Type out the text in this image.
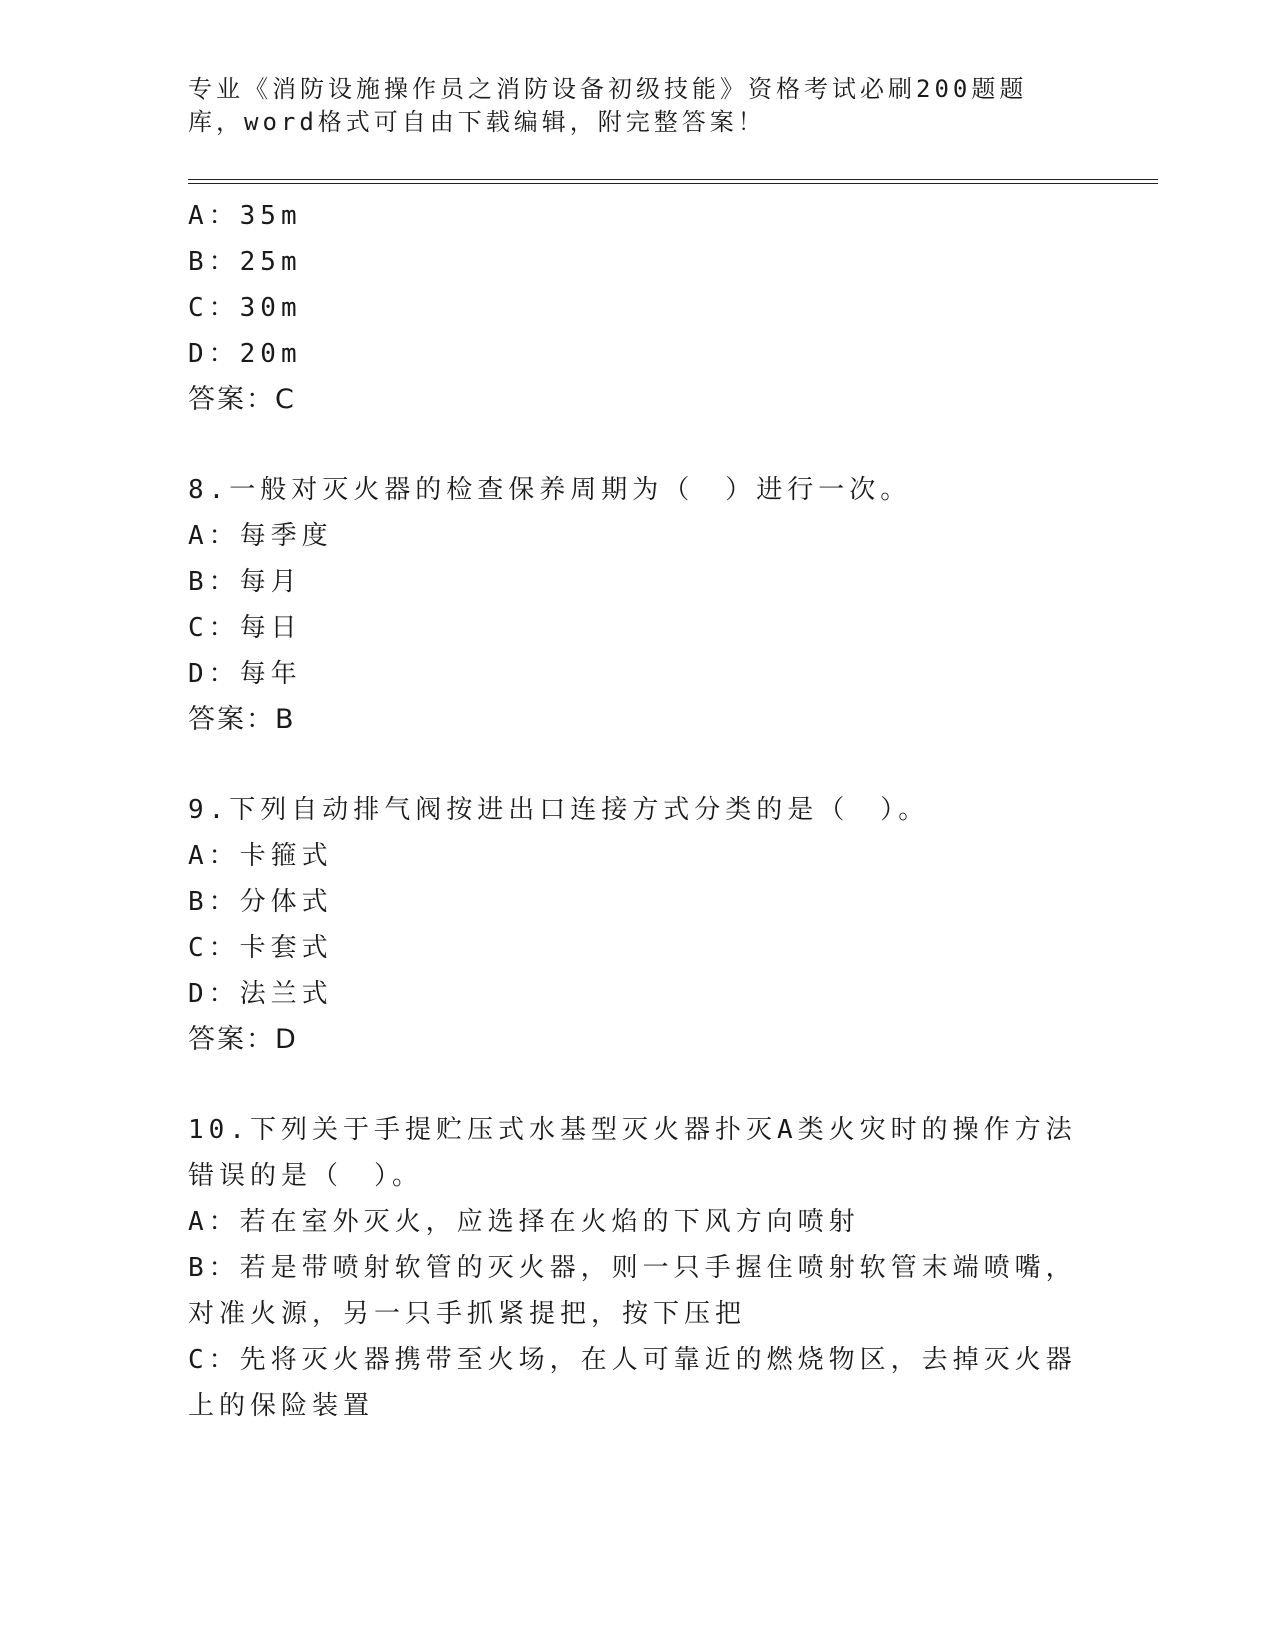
专业《消防设施操作员之消防设备初级技能》资格考试必刷200题题库，word格式可自由下载编辑，附完整答案！
A：35m
B：25m
C：30m
D：20m
答案：C
8.一般对灭火器的检查保养周期为（　）进行一次。
A：每季度
B：每月
C：每日
D：每年
答案：B
9.下列自动排气阀按进出口连接方式分类的是（　）。
A：卡箍式
B：分体式
C：卡套式
D：法兰式
答案：D
10.下列关于手提贮压式水基型灭火器扑灭A类火灾时的操作方法错误的是（　）。
A：若在室外灭火，应选择在火焰的下风方向喷射
B：若是带喷射软管的灭火器，则一只手握住喷射软管末端喷嘴，对准火源，另一只手抓紧提把，按下压把
C：先将灭火器携带至火场，在人可靠近的燃烧物区，去掉灭火器上的保险装置
